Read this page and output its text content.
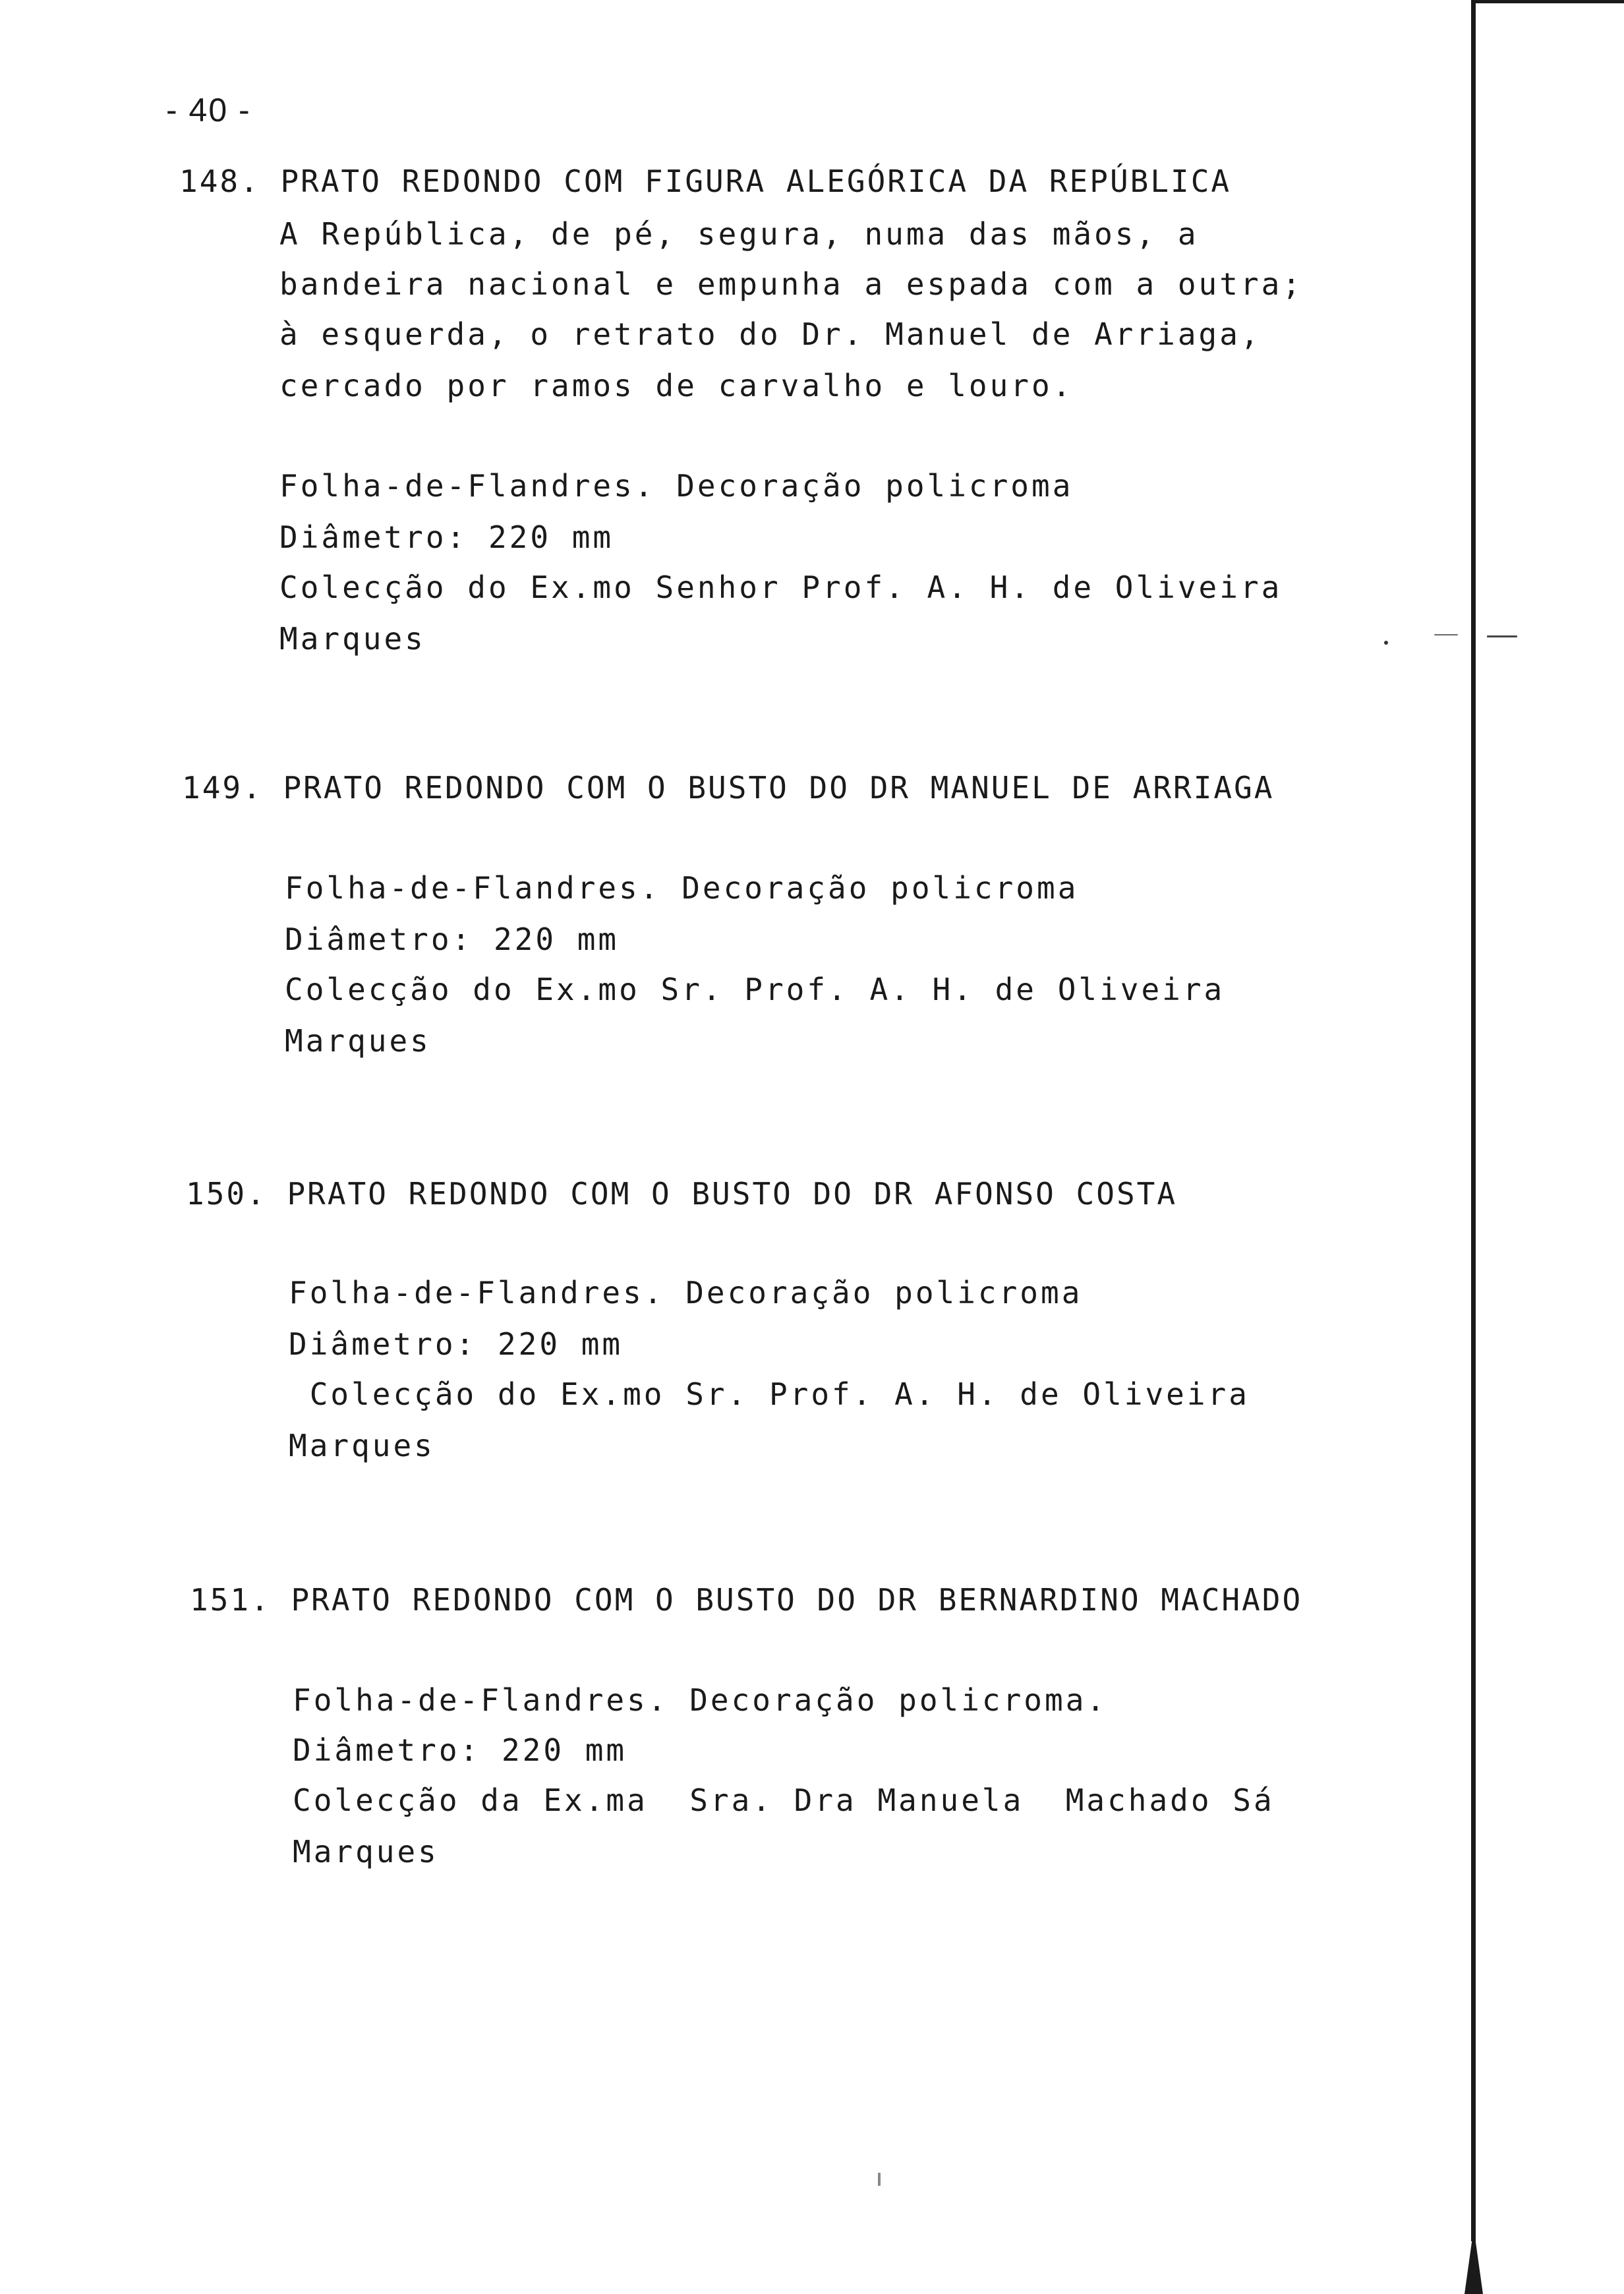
- 40 -
148. PRATO REDONDO COM FIGURA ALEGÓRICA DA REPÚBLICA
A República, de pé, segura, numa das mãos, a
bandeira nacional e empunha a espada com a outra;
à esquerda, o retrato do Dr. Manuel de Arriaga,
cercado por ramos de carvalho e louro.
Folha-de-Flandres. Decoração policroma
Diâmetro: 220 mm
Colecção do Ex.mo Senhor Prof. A. H. de Oliveira
Marques
149. PRATO REDONDO COM O BUSTO DO DR MANUEL DE ARRIAGA
Folha-de-Flandres. Decoração policroma
Diâmetro: 220 mm
Colecção do Ex.mo Sr. Prof. A. H. de Oliveira
Marques
150. PRATO REDONDO COM O BUSTO DO DR AFONSO COSTA
Folha-de-Flandres. Decoração policroma
Diâmetro: 220 mm
Colecção do Ex.mo Sr. Prof. A. H. de Oliveira
Marques
151. PRATO REDONDO COM O BUSTO DO DR BERNARDINO MACHADO
Folha-de-Flandres. Decoração policroma.
Diâmetro: 220 mm
Colecção da Ex.ma  Sra. Dra Manuela  Machado Sá
Marques
